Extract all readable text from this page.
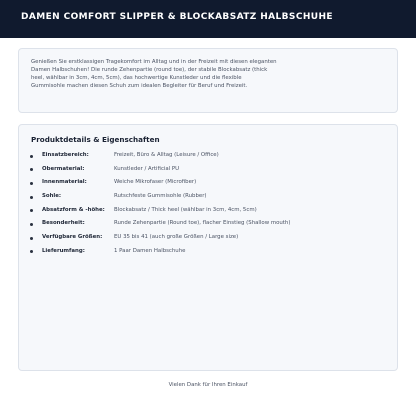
DAMEN COMFORT SLIPPER & BLOCKABSATZ HALBSCHUHE
Genießen Sie erstklassigen Tragekomfort im Alltag und in der Freizeit mit diesen eleganten Damen Halbschuhen! Die runde Zehenpartie (round toe), der stabile Blockabsatz (thick heel, wählbar in 3cm, 4cm, 5cm), das hochwertige Kunstleder und die flexible Gummisohle machen diesen Schuh zum idealen Begleiter für Beruf und Freizeit.
Produktdetails & Eigenschaften
Einsatzbereich:	Freizeit, Büro & Alltag (Leisure / Office)
Obermaterial:	Kunstleder / Artificial PU
Innenmaterial:	Weiche Mikrofaser (Microfiber)
Sohle:	Rutschfeste Gummisohle (Rubber)
Absatzform & -höhe: Blockabsatz / Thick heel (wählbar in 3cm, 4cm, 5cm)
Besonderheit:	Runde Zehenpartie (Round toe), flacher Einstieg (Shallow mouth)
Verfügbare Größen: EU 35 bis 41 (auch große Größen / Large size)
Lieferumfang:	1 Paar Damen Halbschuhe
Vielen Dank für Ihren Einkauf
